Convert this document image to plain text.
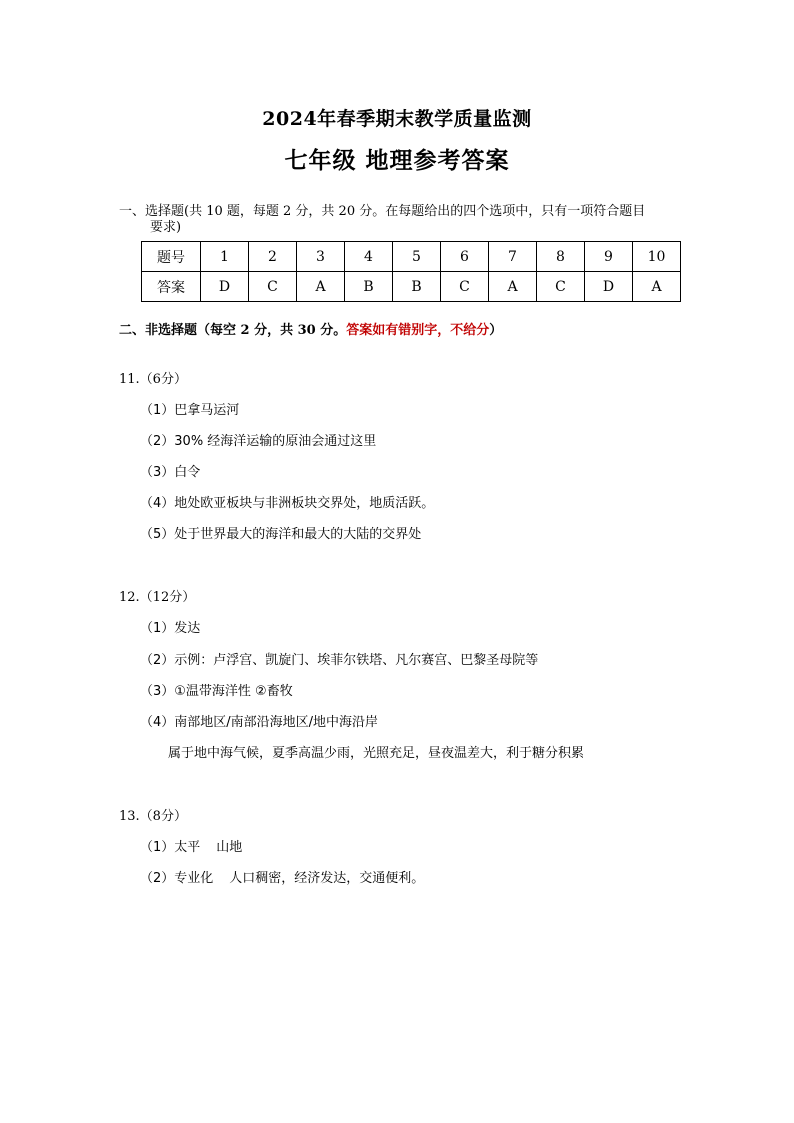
2024年春季期末教学质量监测
七年级 地理参考答案
一、选择题(共 10 题，每题 2 分，共 20 分。在每题给出的四个选项中，只有一项符合题目
要求)
题号	1	2	3	4	5	6	7	8	9	10
答案	D	C	A	B	B	C	A	C	D	A
二、非选择题（每空 2 分，共 30 分。答案如有错别字，不给分）
11.（6分）
（1）巴拿马运河
（2）30% 经海洋运输的原油会通过这里
（3）白令
（4）地处欧亚板块与非洲板块交界处，地质活跃。
（5）处于世界最大的海洋和最大的大陆的交界处
12.（12分）
（1）发达
（2）示例：卢浮宫、凯旋门、埃菲尔铁塔、凡尔赛宫、巴黎圣母院等
（3）①温带海洋性 ②畜牧
（4）南部地区/南部沿海地区/地中海沿岸
属于地中海气候，夏季高温少雨，光照充足，昼夜温差大，利于糖分积累
13.（8分）
（1）太平 山地
（2）专业化 人口稠密，经济发达，交通便利。
